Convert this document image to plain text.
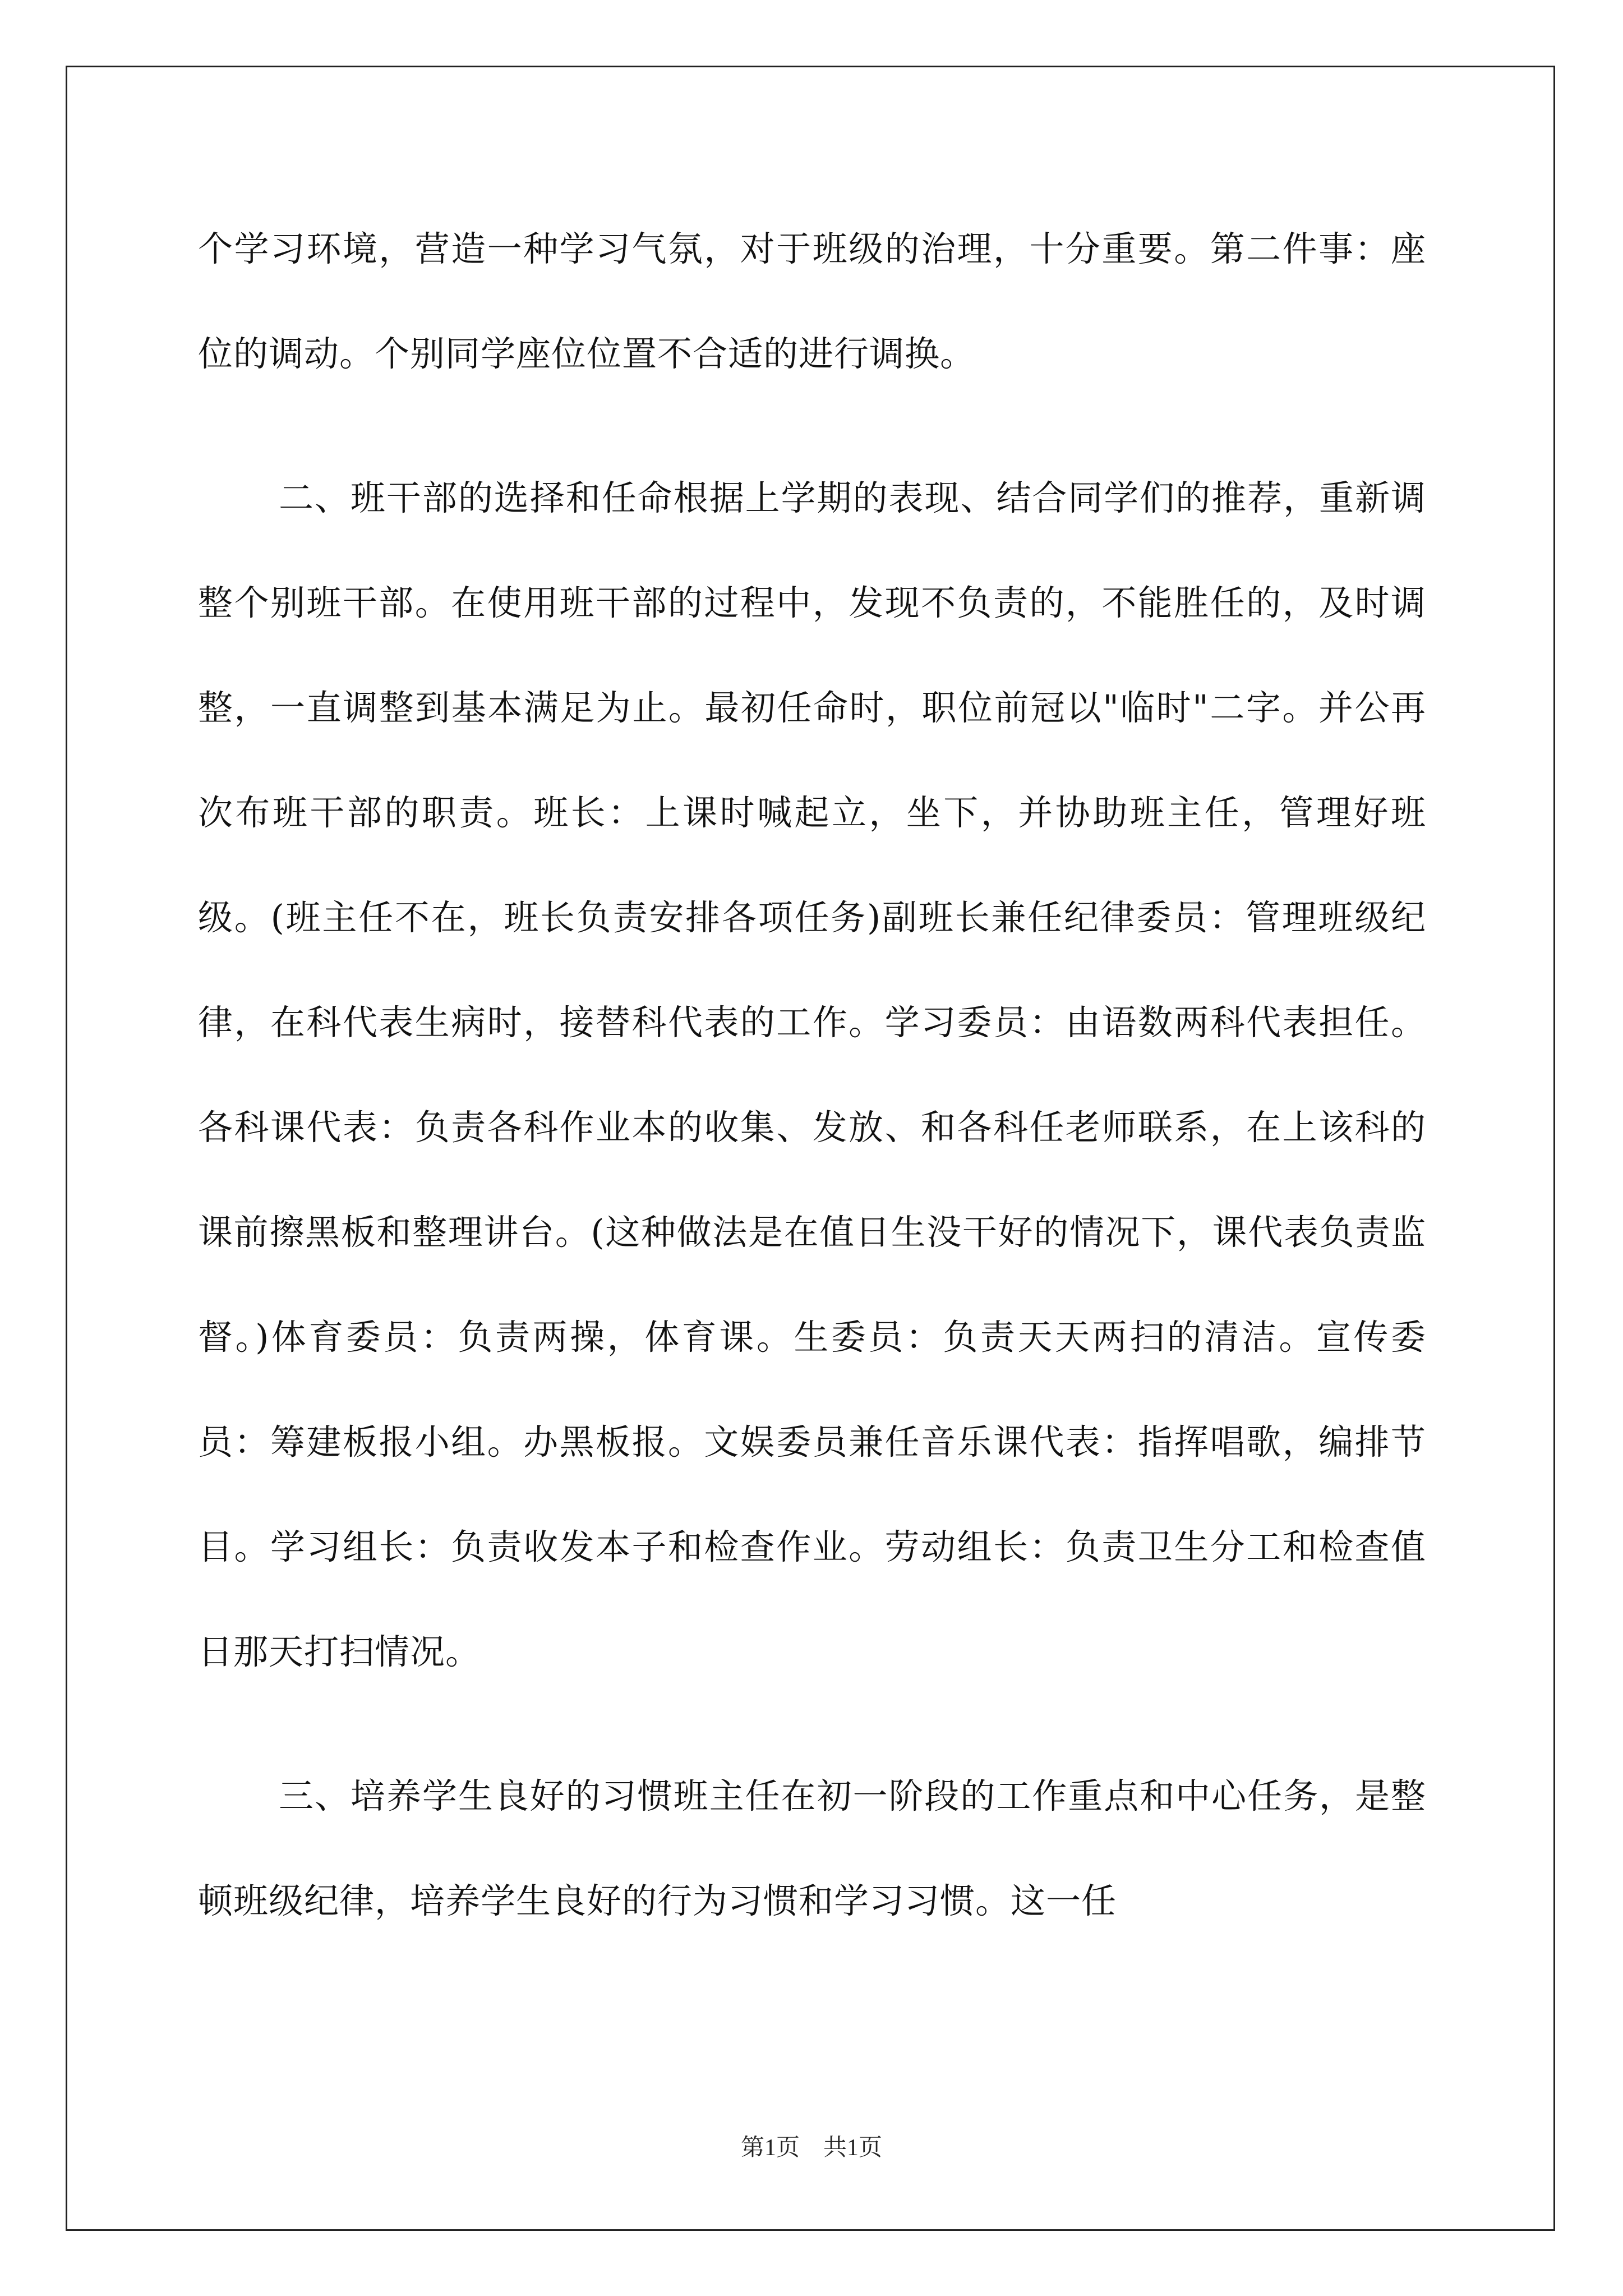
个学习环境，营造一种学习气氛，对于班级的治理，十分重要。第二件事：座位的调动。个别同学座位位置不合适的进行调换。

二、班干部的选择和任命根据上学期的表现、结合同学们的推荐，重新调整个别班干部。在使用班干部的过程中，发现不负责的，不能胜任的，及时调整，一直调整到基本满足为止。最初任命时，职位前冠以"临时"二字。并公再次布班干部的职责。班长：上课时喊起立，坐下，并协助班主任，管理好班级。(班主任不在，班长负责安排各项任务)副班长兼任纪律委员：管理班级纪律，在科代表生病时，接替科代表的工作。学习委员：由语数两科代表担任。各科课代表：负责各科作业本的收集、发放、和各科任老师联系，在上该科的课前擦黑板和整理讲台。(这种做法是在值日生没干好的情况下，课代表负责监督。)体育委员：负责两操，体育课。生委员：负责天天两扫的清洁。宣传委员：筹建板报小组。办黑板报。文娱委员兼任音乐课代表：指挥唱歌，编排节目。学习组长：负责收发本子和检查作业。劳动组长：负责卫生分工和检查值日那天打扫情况。

三、培养学生良好的习惯班主任在初一阶段的工作重点和中心任务，是整顿班级纪律，培养学生良好的行为习惯和学习习惯。这一任

第1页　共1页
